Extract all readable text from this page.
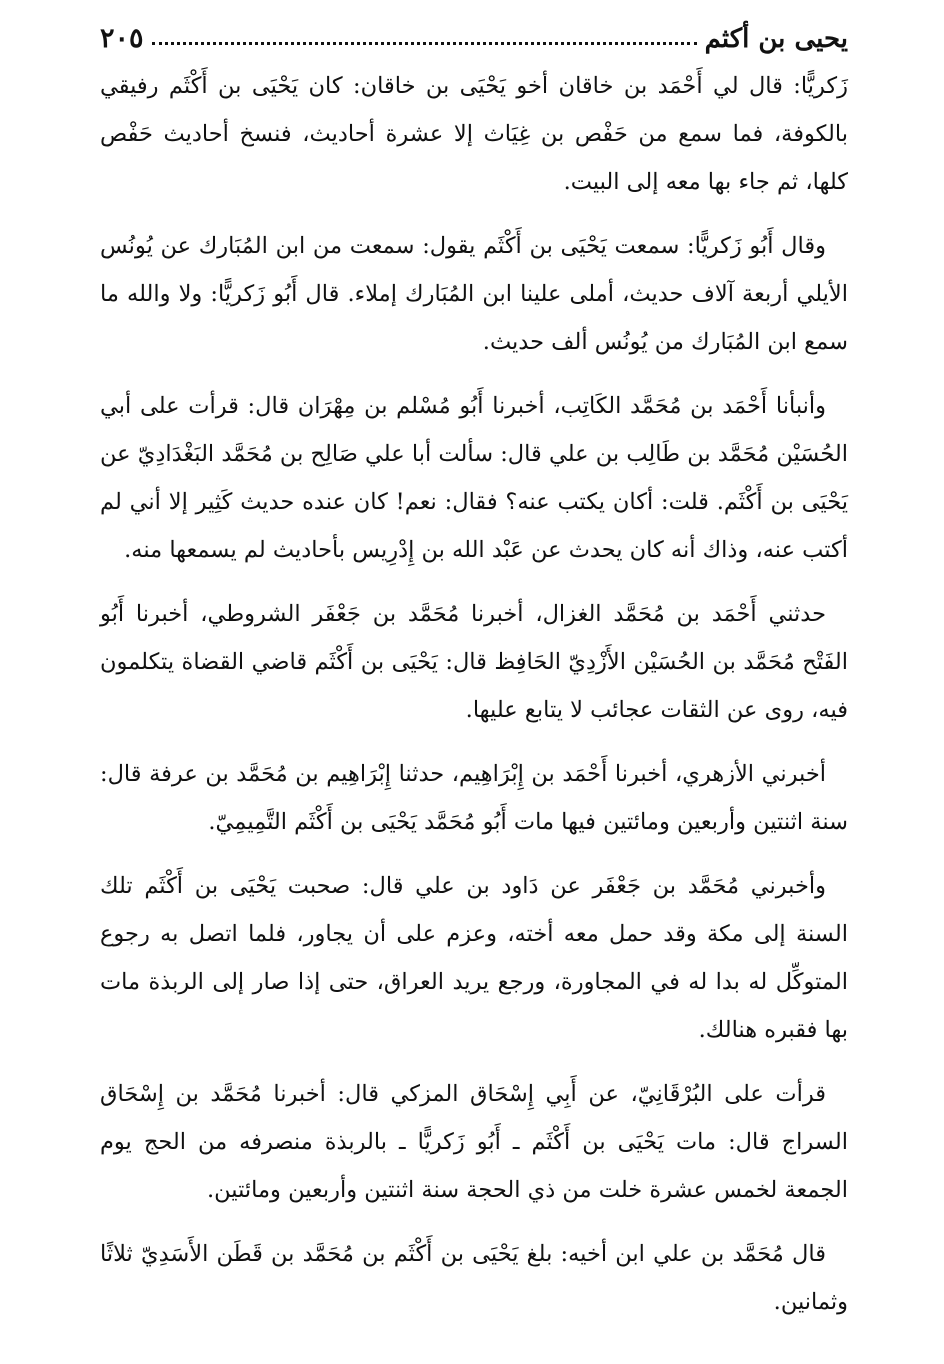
يحيى بن أكثم
٢٠٥

زَكريًّا: قال لي أَحْمَد بن خاقان أخو يَحْيَى بن خاقان: كان يَحْيَى بن أَكْثَم رفيقي بالكوفة، فما سمع من حَفْص بن غِيَاث إلا عشرة أحاديث، فنسخ أحاديث حَفْص كلها، ثم جاء بها معه إلى البيت.

وقال أَبُو زَكريًّا: سمعت يَحْيَى بن أَكْثَم يقول: سمعت من ابن المُبَارك عن يُونُس الأيلي أربعة آلاف حديث، أملى علينا ابن المُبَارك إملاء. قال أَبُو زَكريًّا: ولا والله ما سمع ابن المُبَارك من يُونُس ألف حديث.

وأنبأنا أَحْمَد بن مُحَمَّد الكَاتِب، أخبرنا أَبُو مُسْلم بن مِهْرَان قال: قرأت على أبي الحُسَيْن مُحَمَّد بن طَالِب بن علي قال: سألت أبا علي صَالِح بن مُحَمَّد البَغْدَادِيّ عن يَحْيَى بن أَكْثَم. قلت: أكان يكتب عنه؟ فقال: نعم! كان عنده حديث كَثِير إلا أني لم أكتب عنه، وذاك أنه كان يحدث عن عَبْد الله بن إِدْرِيس بأحاديث لم يسمعها منه.

حدثني أَحْمَد بن مُحَمَّد الغزال، أخبرنا مُحَمَّد بن جَعْفَر الشروطي، أخبرنا أَبُو الفَتْح مُحَمَّد بن الحُسَيْن الأَزْدِيّ الحَافِظ قال: يَحْيَى بن أَكْثَم قاضي القضاة يتكلمون فيه، روى عن الثقات عجائب لا يتابع عليها.

أخبرني الأزهري، أخبرنا أَحْمَد بن إِبْرَاهِيم، حدثنا إِبْرَاهِيم بن مُحَمَّد بن عرفة قال: سنة اثنتين وأربعين ومائتين فيها مات أَبُو مُحَمَّد يَحْيَى بن أَكْثَم التَّمِيمِيّ.

وأخبرني مُحَمَّد بن جَعْفَر عن دَاود بن علي قال: صحبت يَحْيَى بن أَكْثَم تلك السنة إلى مكة وقد حمل معه أخته، وعزم على أن يجاور، فلما اتصل به رجوع المتوكِّل له بدا له في المجاورة، ورجع يريد العراق، حتى إذا صار إلى الربذة مات بها فقبره هنالك.

قرأت على البُرْقَانِيّ، عن أَبِي إِسْحَاق المزكي قال: أخبرنا مُحَمَّد بن إِسْحَاق السراج قال: مات يَحْيَى بن أَكْثَم ـ أَبُو زَكريًّا ـ بالربذة منصرفه من الحج يوم الجمعة لخمس عشرة خلت من ذي الحجة سنة اثنتين وأربعين ومائتين.

قال مُحَمَّد بن علي ابن أخيه: بلغ يَحْيَى بن أَكْثَم بن مُحَمَّد بن قَطَن الأَسَدِيّ ثلاثًا وثمانين.
